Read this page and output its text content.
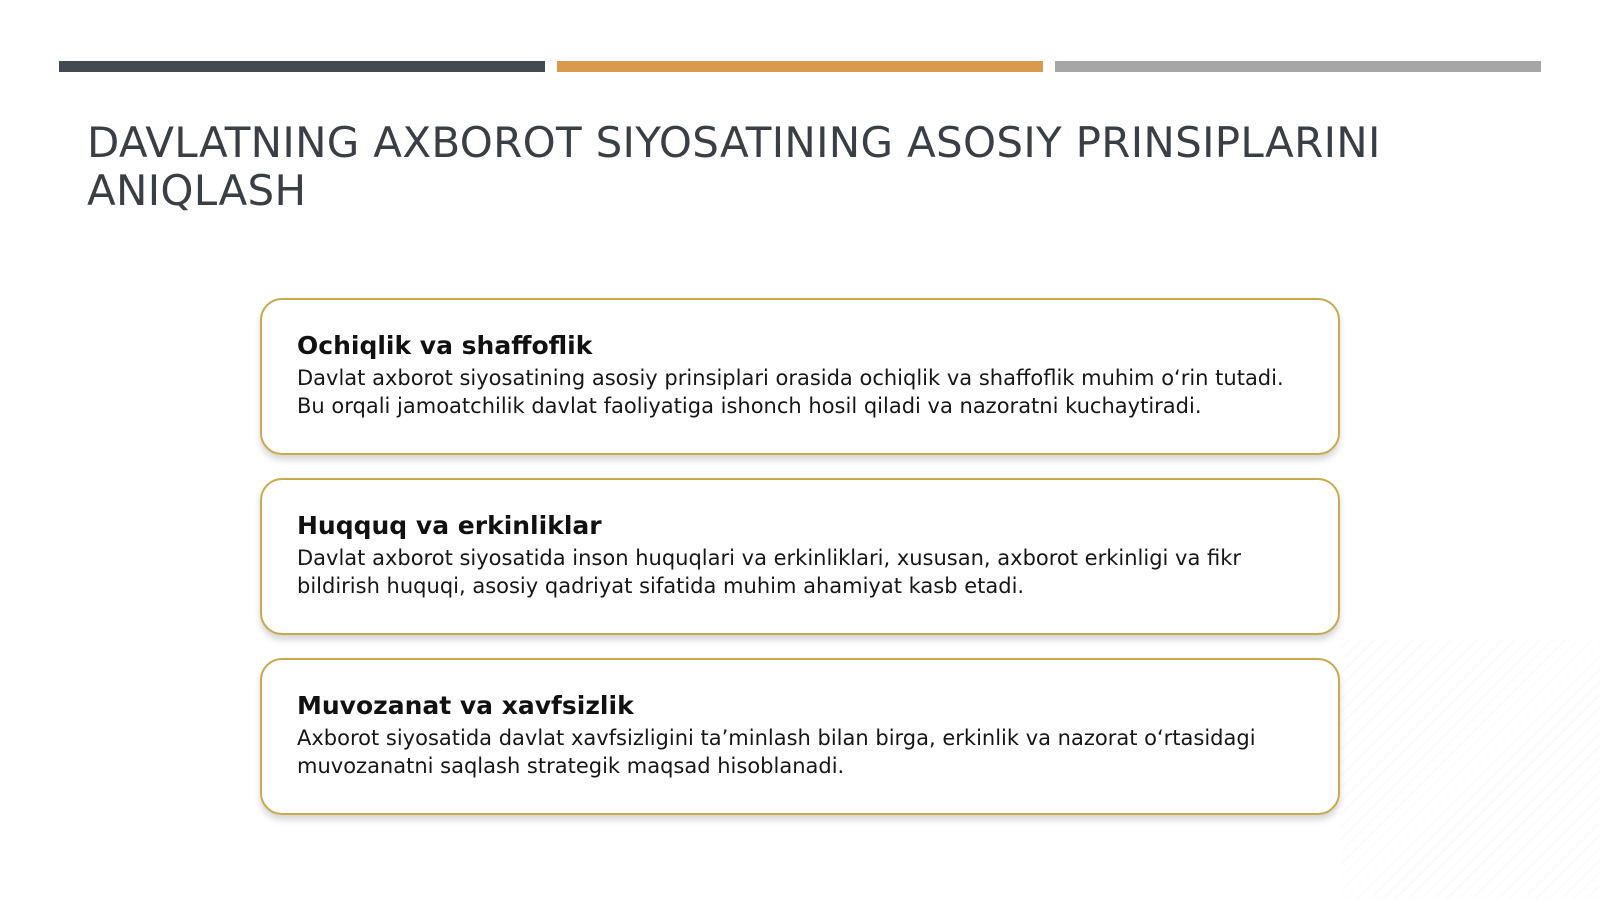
DAVLATNING AXBOROT SIYOSATINING ASOSIY PRINSIPLARINI ANIQLASH
Ochiqlik va shaffoflik

Davlat axborot siyosatining asosiy prinsiplari orasida ochiqlik va shaffoflik muhim o‘rin tutadi. Bu orqali jamoatchilik davlat faoliyatiga ishonch hosil qiladi va nazoratni kuchaytiradi.

Huqquq va erkinliklar

Davlat axborot siyosatida inson huquqlari va erkinliklari, xususan, axborot erkinligi va fikr bildirish huquqi, asosiy qadriyat sifatida muhim ahamiyat kasb etadi.

Muvozanat va xavfsizlik

Axborot siyosatida davlat xavfsizligini ta’minlash bilan birga, erkinlik va nazorat o‘rtasidagi muvozanatni saqlash strategik maqsad hisoblanadi.
